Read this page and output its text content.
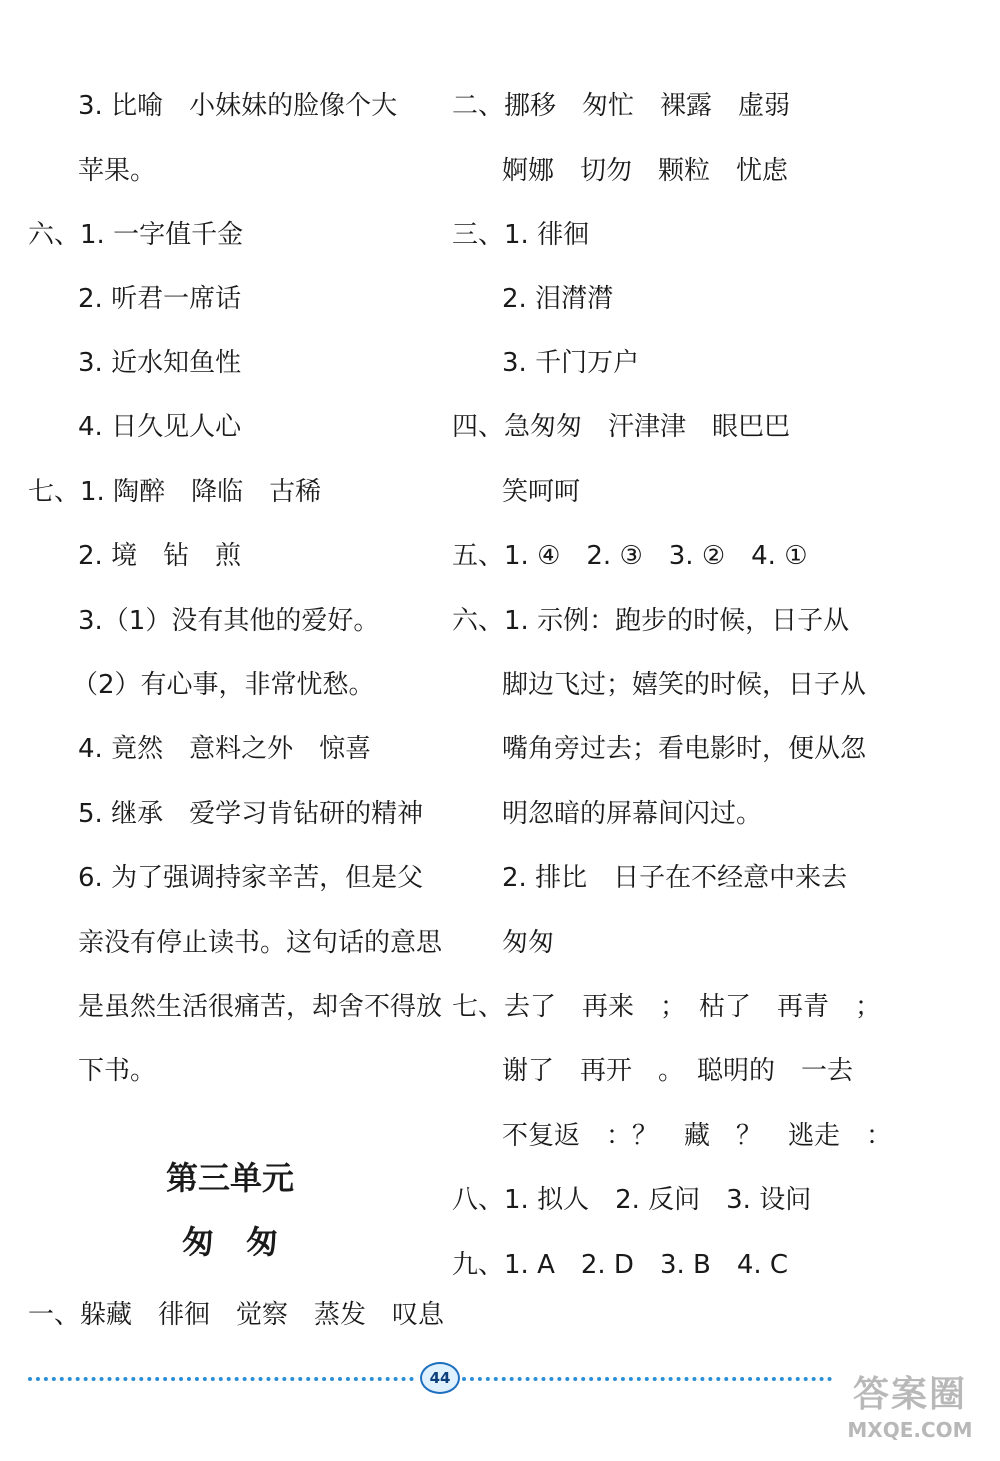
3. 比喻　小妹妹的脸像个大
苹果。
六、1. 一字值千金
2. 听君一席话
3. 近水知鱼性
4. 日久见人心
七、1. 陶醉　降临　古稀
2. 境　钻　煎
3.（1）没有其他的爱好。
（2）有心事，非常忧愁。
4. 竟然　意料之外　惊喜
5. 继承　爱学习肯钻研的精神
6. 为了强调持家辛苦，但是父
亲没有停止读书。这句话的意思
是虽然生活很痛苦，却舍不得放
下书。
第三单元
匆　匆
一、躲藏　徘徊　觉察　蒸发　叹息
二、挪移　匆忙　裸露　虚弱
婀娜　切勿　颗粒　忧虑
三、1. 徘徊
2. 泪潸潸
3. 千门万户
四、急匆匆　汗津津　眼巴巴
笑呵呵
五、1. ④　2. ③　3. ②　4. ①
六、1. 示例：跑步的时候，日子从
脚边飞过；嬉笑的时候，日子从
嘴角旁过去；看电影时，便从忽
明忽暗的屏幕间闪过。
2. 排比　日子在不经意中来去
匆匆
七、去了　再来　；　枯了　再青　；
谢了　再开　。　聪明的　一去
不复返　：？　藏　？　逃走　：
八、1. 拟人　2. 反问　3. 设问
九、1. A　2. D　3. B　4. C
44	答案圈
MXQE.COM
